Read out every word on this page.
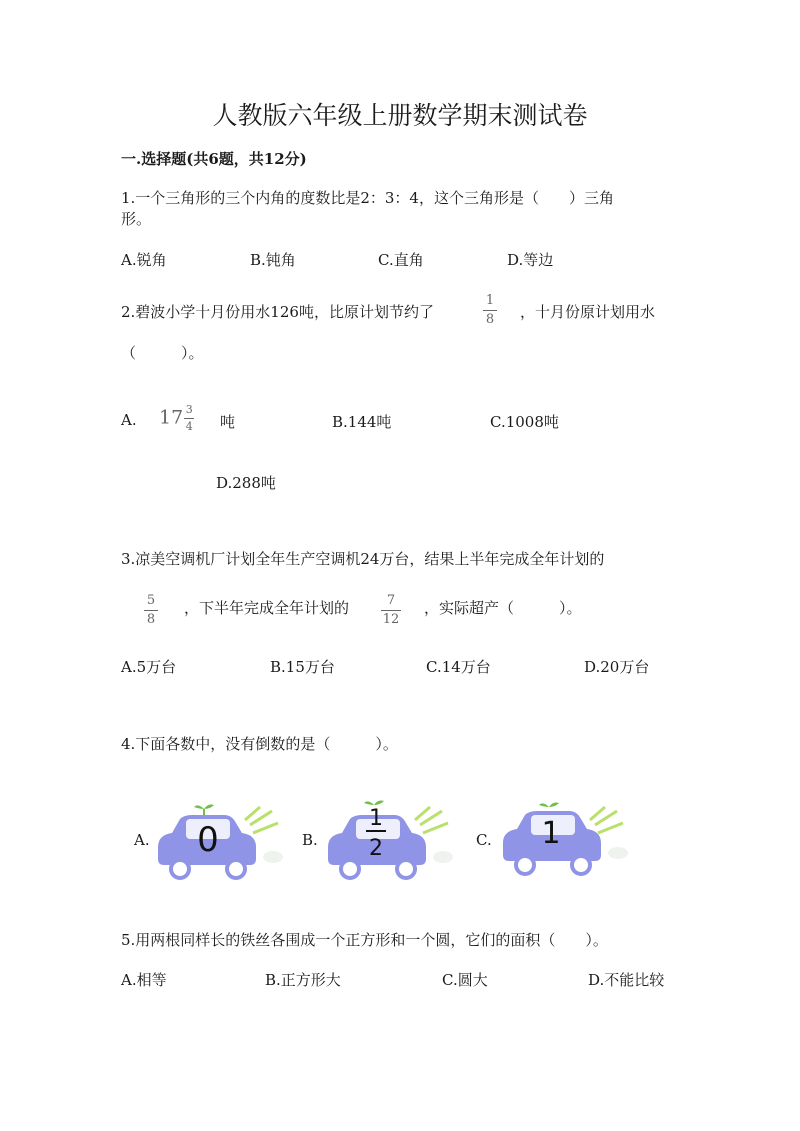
人教版六年级上册数学期末测试卷
一.选择题(共6题，共12分)
1.一个三角形的三个内角的度数比是2：3：4，这个三角形是（　　）三角
形。
A.锐角	B.钝角	C.直角	D.等边
2.碧波小学十月份用水126吨，比原计划节约了
1
8 ，十月份原计划用水
（　　　）。
A. $17 \frac{3}{4}$ 吨	B.144吨	C.1008吨
D.288吨
3.凉美空调机厂计划全年生产空调机24万台，结果上半年完成全年计划的
5
8
，下半年完成全年计划的	7
12
，实际超产（　　　）。
A.5万台	B.15万台	C.14万台	D.20万台
4.下面各数中，没有倒数的是（　　　）。
A.	B.	C.
0
1
2	1
5.用两根同样长的铁丝各围成一个正方形和一个圆，它们的面积（　　）。
A.相等	B.正方形大	C.圆大	D.不能比较
